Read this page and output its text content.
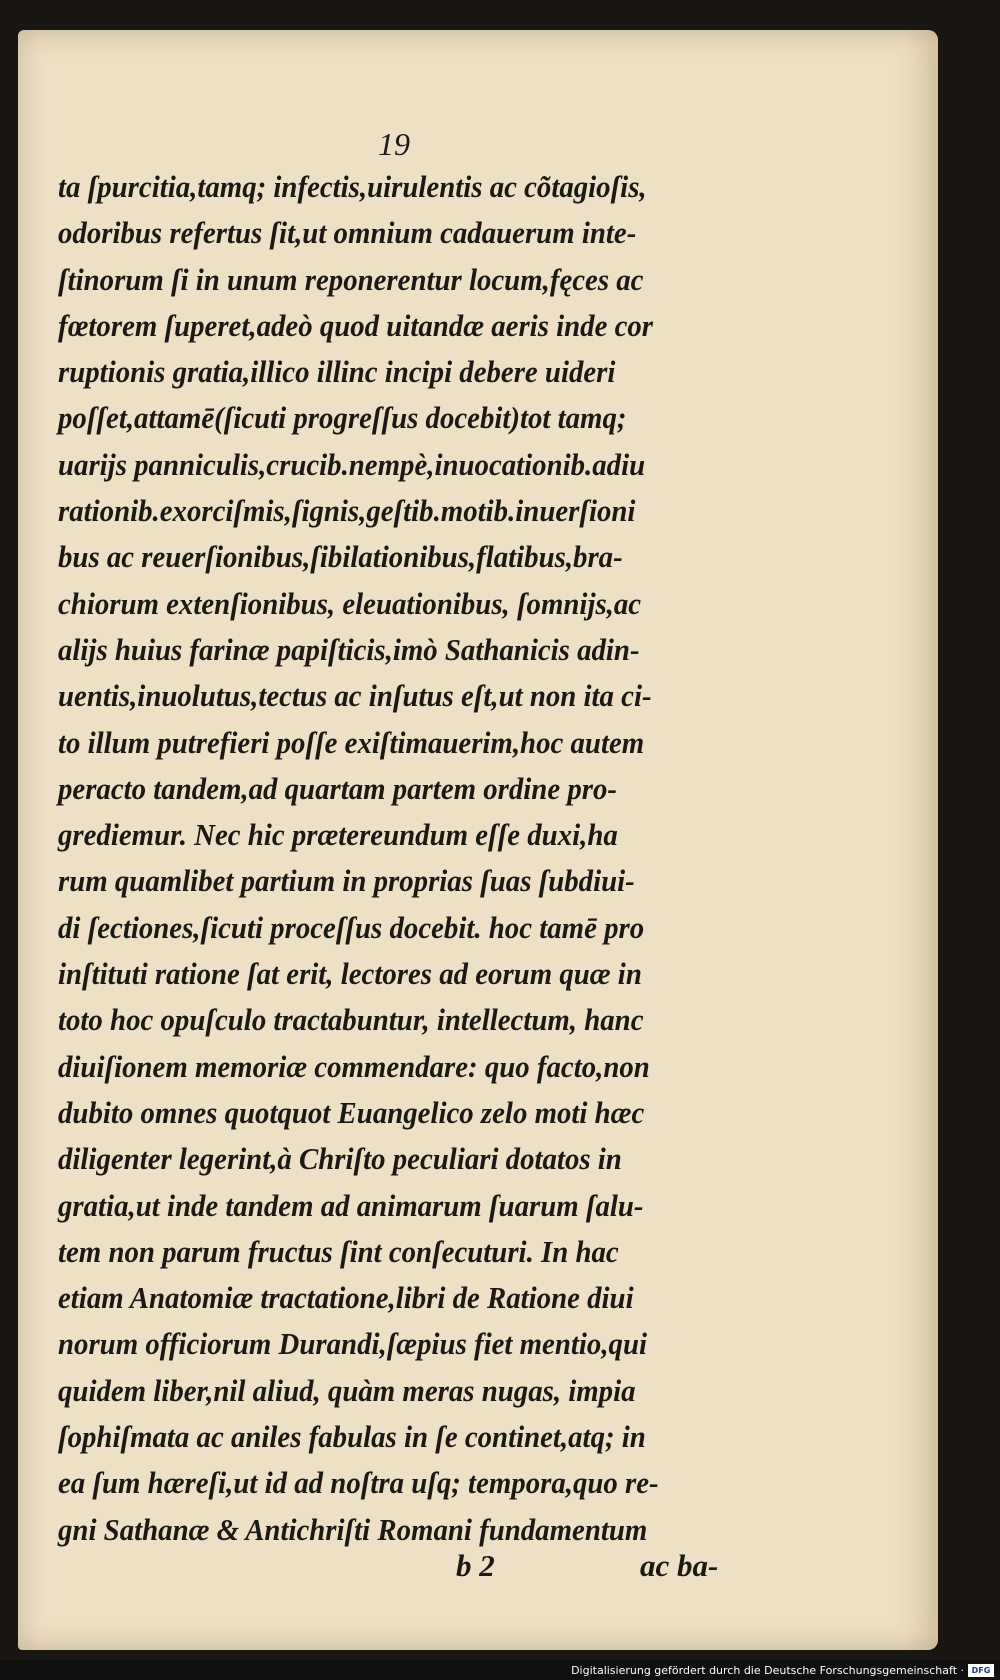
19
ta ſpurcitia,tamq; infectis,uirulentis ac cõtagioſis,
odoribus refertus ſit,ut omnium cadauerum inte-
ſtinorum ſi in unum reponerentur locum,fęces ac
fœtorem ſuperet,adeò quod uitandæ aeris inde cor
ruptionis gratia,illico illinc incipi debere uideri
poſſet,attamē(ſicuti progreſſus docebit)tot tamq;
uarijs panniculis,crucib.nempè,inuocationib.adiu
rationib.exorciſmis,ſignis,geſtib.motib.inuerſioni
bus ac reuerſionibus,ſibilationibus,flatibus,bra-
chiorum extenſionibus, eleuationibus, ſomnijs,ac
alijs huius farinæ papiſticis,imò Sathanicis adin-
uentis,inuolutus,tectus ac inſutus eſt,ut non ita ci-
to illum putrefieri poſſe exiſtimauerim,hoc autem
peracto tandem,ad quartam partem ordine pro-
grediemur. Nec hic prætereundum eſſe duxi,ha
rum quamlibet partium in proprias ſuas ſubdiui-
di ſectiones,ſicuti proceſſus docebit. hoc tamē pro
inſtituti ratione ſat erit, lectores ad eorum quæ in
toto hoc opuſculo tractabuntur, intellectum, hanc
diuiſionem memoriæ commendare: quo facto,non
dubito omnes quotquot Euangelico zelo moti hæc
diligenter legerint,à Chriſto peculiari dotatos in
gratia,ut inde tandem ad animarum ſuarum ſalu-
tem non parum fructus ſint conſecuturi. In hac
etiam Anatomiæ tractatione,libri de Ratione diui
norum officiorum Durandi,ſæpius fiet mentio,qui
quidem liber,nil aliud, quàm meras nugas, impia
ſophiſmata ac aniles fabulas in ſe continet,atq; in
ea ſum hæreſi,ut id ad noſtra uſq; tempora,quo re-
gni Sathanæ & Antichriſti Romani fundamentum
b 2	ac ba-
Digitalisierung gefördert durch die Deutsche Forschungsgemeinschaft · DFG
